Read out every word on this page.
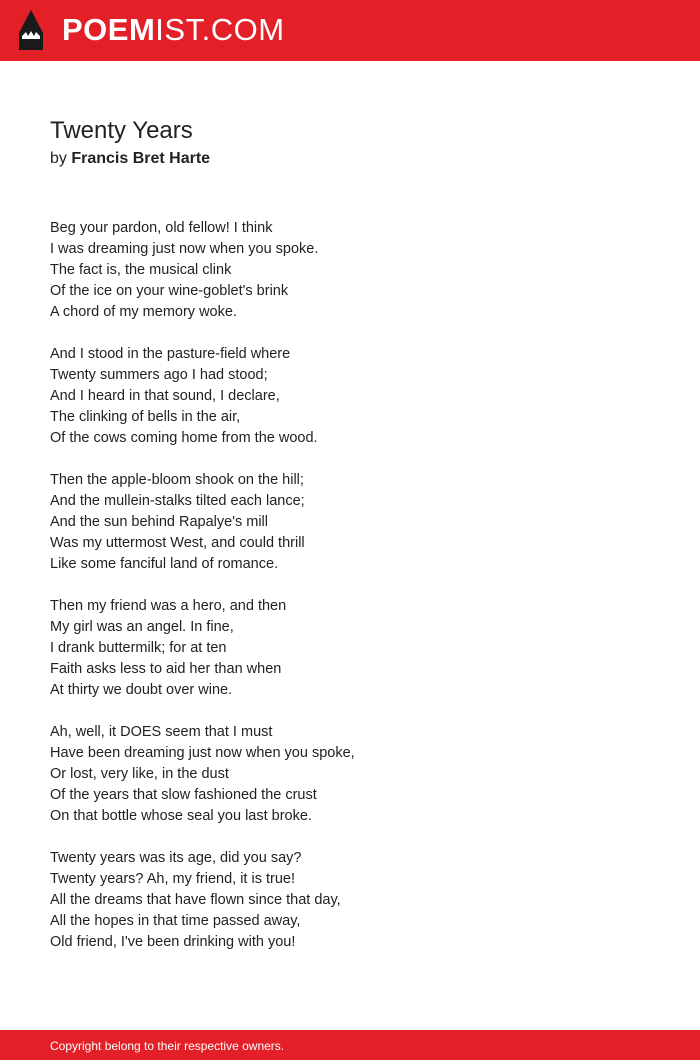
POEMIST.COM
Twenty Years
by Francis Bret Harte
Beg your pardon, old fellow! I think
I was dreaming just now when you spoke.
The fact is, the musical clink
Of the ice on your wine-goblet's brink
A chord of my memory woke.
And I stood in the pasture-field where
Twenty summers ago I had stood;
And I heard in that sound, I declare,
The clinking of bells in the air,
Of the cows coming home from the wood.
Then the apple-bloom shook on the hill;
And the mullein-stalks tilted each lance;
And the sun behind Rapalye's mill
Was my uttermost West, and could thrill
Like some fanciful land of romance.
Then my friend was a hero, and then
My girl was an angel. In fine,
I drank buttermilk; for at ten
Faith asks less to aid her than when
At thirty we doubt over wine.
Ah, well, it DOES seem that I must
Have been dreaming just now when you spoke,
Or lost, very like, in the dust
Of the years that slow fashioned the crust
On that bottle whose seal you last broke.
Twenty years was its age, did you say?
Twenty years? Ah, my friend, it is true!
All the dreams that have flown since that day,
All the hopes in that time passed away,
Old friend, I've been drinking with you!
Copyright belong to their respective owners.
